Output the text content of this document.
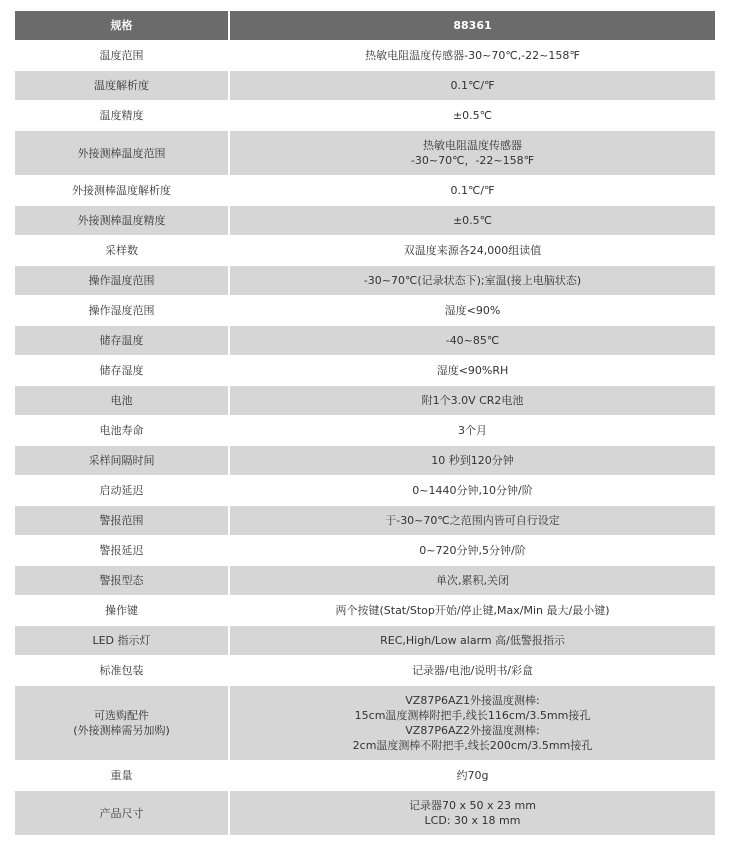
规格	88361
温度范围	热敏电阻温度传感器-30~70℃,-22~158℉
温度解析度	0.1℃/℉
温度精度	±0.5℃
外接测棒温度范围	热敏电阻温度传感器
-30~70℃，-22~158℉
外接测棒温度解析度	0.1℃/℉
外接测棒温度精度	±0.5℃
采样数	双温度来源各24,000组读值
操作温度范围	-30~70℃(记录状态下);室温(接上电脑状态)
操作湿度范围	湿度<90%
储存温度	-40~85℃
储存湿度	湿度<90%RH
电池	附1个3.0V CR2电池
电池寿命	3个月
采样间隔时间	10 秒到120分钟
启动延迟	0~1440分钟,10分钟/阶
警报范围	于-30~70℃之范围内皆可自行设定
警报延迟	0~720分钟,5分钟/阶
警报型态	单次,累积,关闭
操作键	两个按键(Stat/Stop开始/停止键,Max/Min 最大/最小键)
LED 指示灯	REC,High/Low alarm 高/低警报指示
标准包装	记录器/电池/说明书/彩盒
可选购配件
(外接测棒需另加购)	VZ87P6AZ1外接温度测棒:
15cm温度测棒附把手,线长116cm/3.5mm接孔
VZ87P6AZ2外接温度测棒:
2cm温度测棒不附把手,线长200cm/3.5mm接孔
重量	约70g
产品尺寸	记录器70 x 50 x 23 mm
LCD: 30 x 18 mm
